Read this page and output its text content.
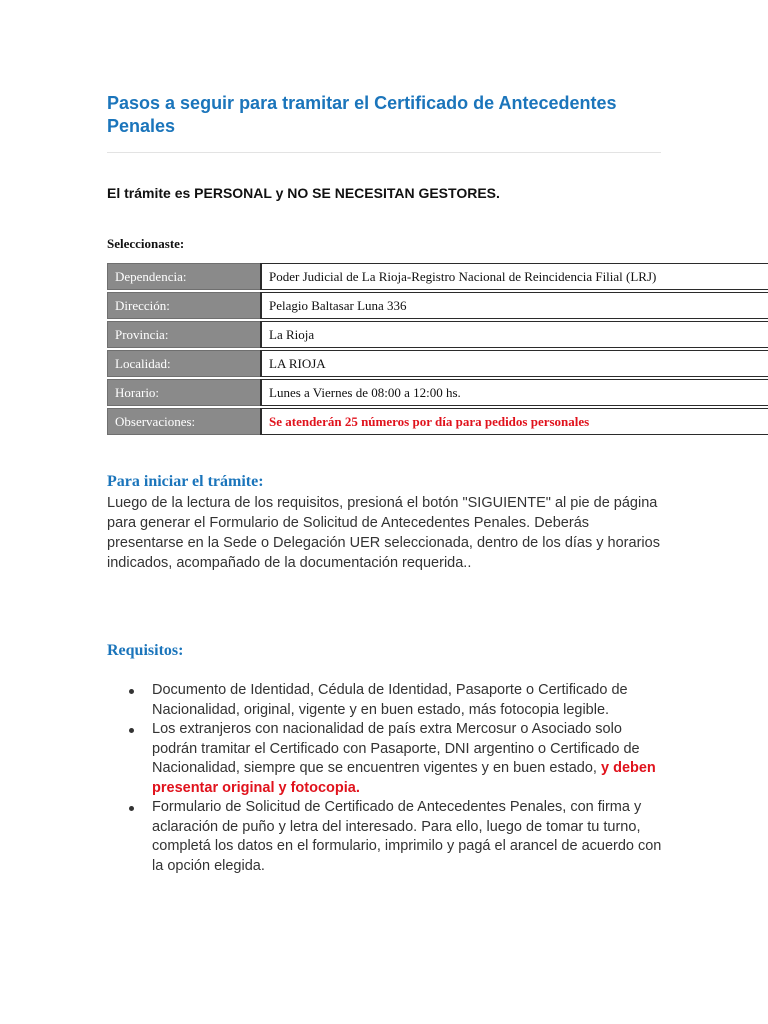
Pasos a seguir para tramitar el Certificado de Antecedentes Penales

El trámite es PERSONAL y NO SE NECESITAN GESTORES.

Seleccionaste:
Dependencia:	Poder Judicial de La Rioja-Registro Nacional de Reincidencia Filial (LRJ)
Dirección:	Pelagio Baltasar Luna 336
Provincia:	La Rioja
Localidad:	LA RIOJA
Horario:	Lunes a Viernes de 08:00 a 12:00 hs.
Observaciones:	Se atenderán 25 números por día para pedidos personales
Para iniciar el trámite:

Luego de la lectura de los requisitos, presioná el botón "SIGUIENTE" al pie de página para generar el Formulario de Solicitud de Antecedentes Penales. Deberás presentarse en la Sede o Delegación UER seleccionada, dentro de los días y horarios indicados, acompañado de la documentación requerida..

Requisitos:
Documento de Identidad, Cédula de Identidad, Pasaporte o Certificado de Nacionalidad, original, vigente y en buen estado, más fotocopia legible.
Los extranjeros con nacionalidad de país extra Mercosur o Asociado solo podrán tramitar el Certificado con Pasaporte, DNI argentino o Certificado de Nacionalidad, siempre que se encuentren vigentes y en buen estado, y deben presentar original y fotocopia.
Formulario de Solicitud de Certificado de Antecedentes Penales, con firma y aclaración de puño y letra del interesado. Para ello, luego de tomar tu turno, completá los datos en el formulario, imprimilo y pagá el arancel de acuerdo con la opción elegida.
